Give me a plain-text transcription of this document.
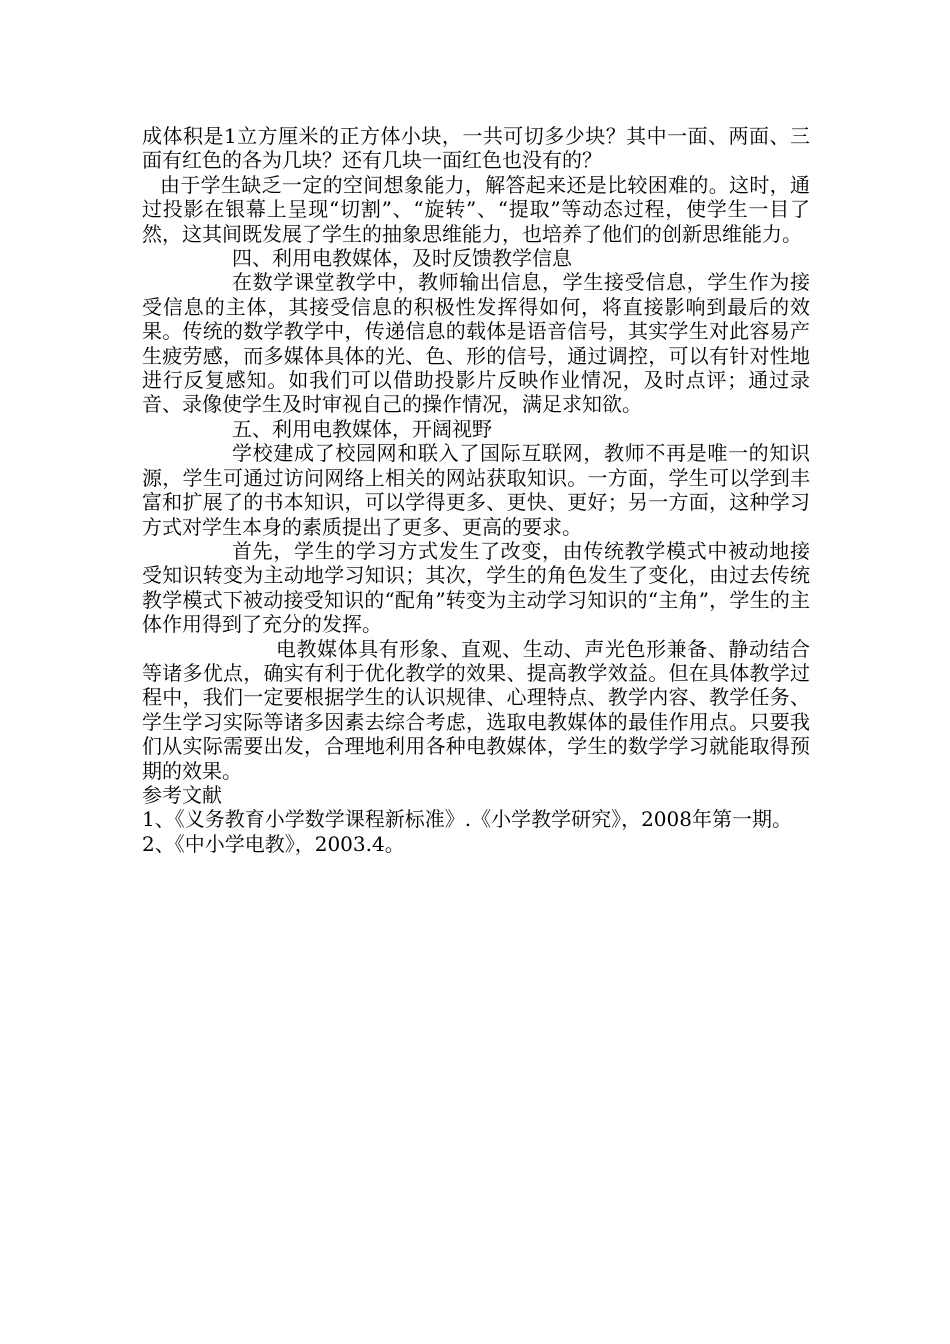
成体积是1立方厘米的正方体小块，一共可切多少块？其中一面、两面、三面有红色的各为几块？还有几块一面红色也没有的？

由于学生缺乏一定的空间想象能力，解答起来还是比较困难的。这时，通过投影在银幕上呈现“切割”、“旋转”、“提取”等动态过程，使学生一目了然，这其间既发展了学生的抽象思维能力，也培养了他们的创新思维能力。

四、利用电教媒体，及时反馈教学信息

在数学课堂教学中，教师输出信息，学生接受信息，学生作为接受信息的主体，其接受信息的积极性发挥得如何，将直接影响到最后的效果。传统的数学教学中，传递信息的载体是语音信号，其实学生对此容易产生疲劳感，而多媒体具体的光、色、形的信号，通过调控，可以有针对性地进行反复感知。如我们可以借助投影片反映作业情况，及时点评；通过录音、录像使学生及时审视自己的操作情况，满足求知欲。

五、利用电教媒体，开阔视野

学校建成了校园网和联入了国际互联网，教师不再是唯一的知识源，学生可通过访问网络上相关的网站获取知识。一方面，学生可以学到丰富和扩展了的书本知识，可以学得更多、更快、更好；另一方面，这种学习方式对学生本身的素质提出了更多、更高的要求。

首先，学生的学习方式发生了改变，由传统教学模式中被动地接受知识转变为主动地学习知识；其次，学生的角色发生了变化，由过去传统教学模式下被动接受知识的“配角”转变为主动学习知识的“主角”，学生的主体作用得到了充分的发挥。

电教媒体具有形象、直观、生动、声光色形兼备、静动结合等诸多优点，确实有利于优化教学的效果、提高教学效益。但在具体教学过程中，我们一定要根据学生的认识规律、心理特点、教学内容、教学任务、学生学习实际等诸多因素去综合考虑，选取电教媒体的最佳作用点。只要我们从实际需要出发，合理地利用各种电教媒体，学生的数学学习就能取得预期的效果。

参考文献

1、《义务教育小学数学课程新标准》.《小学教学研究》，2008年第一期。

2、《中小学电教》，2003.4。
